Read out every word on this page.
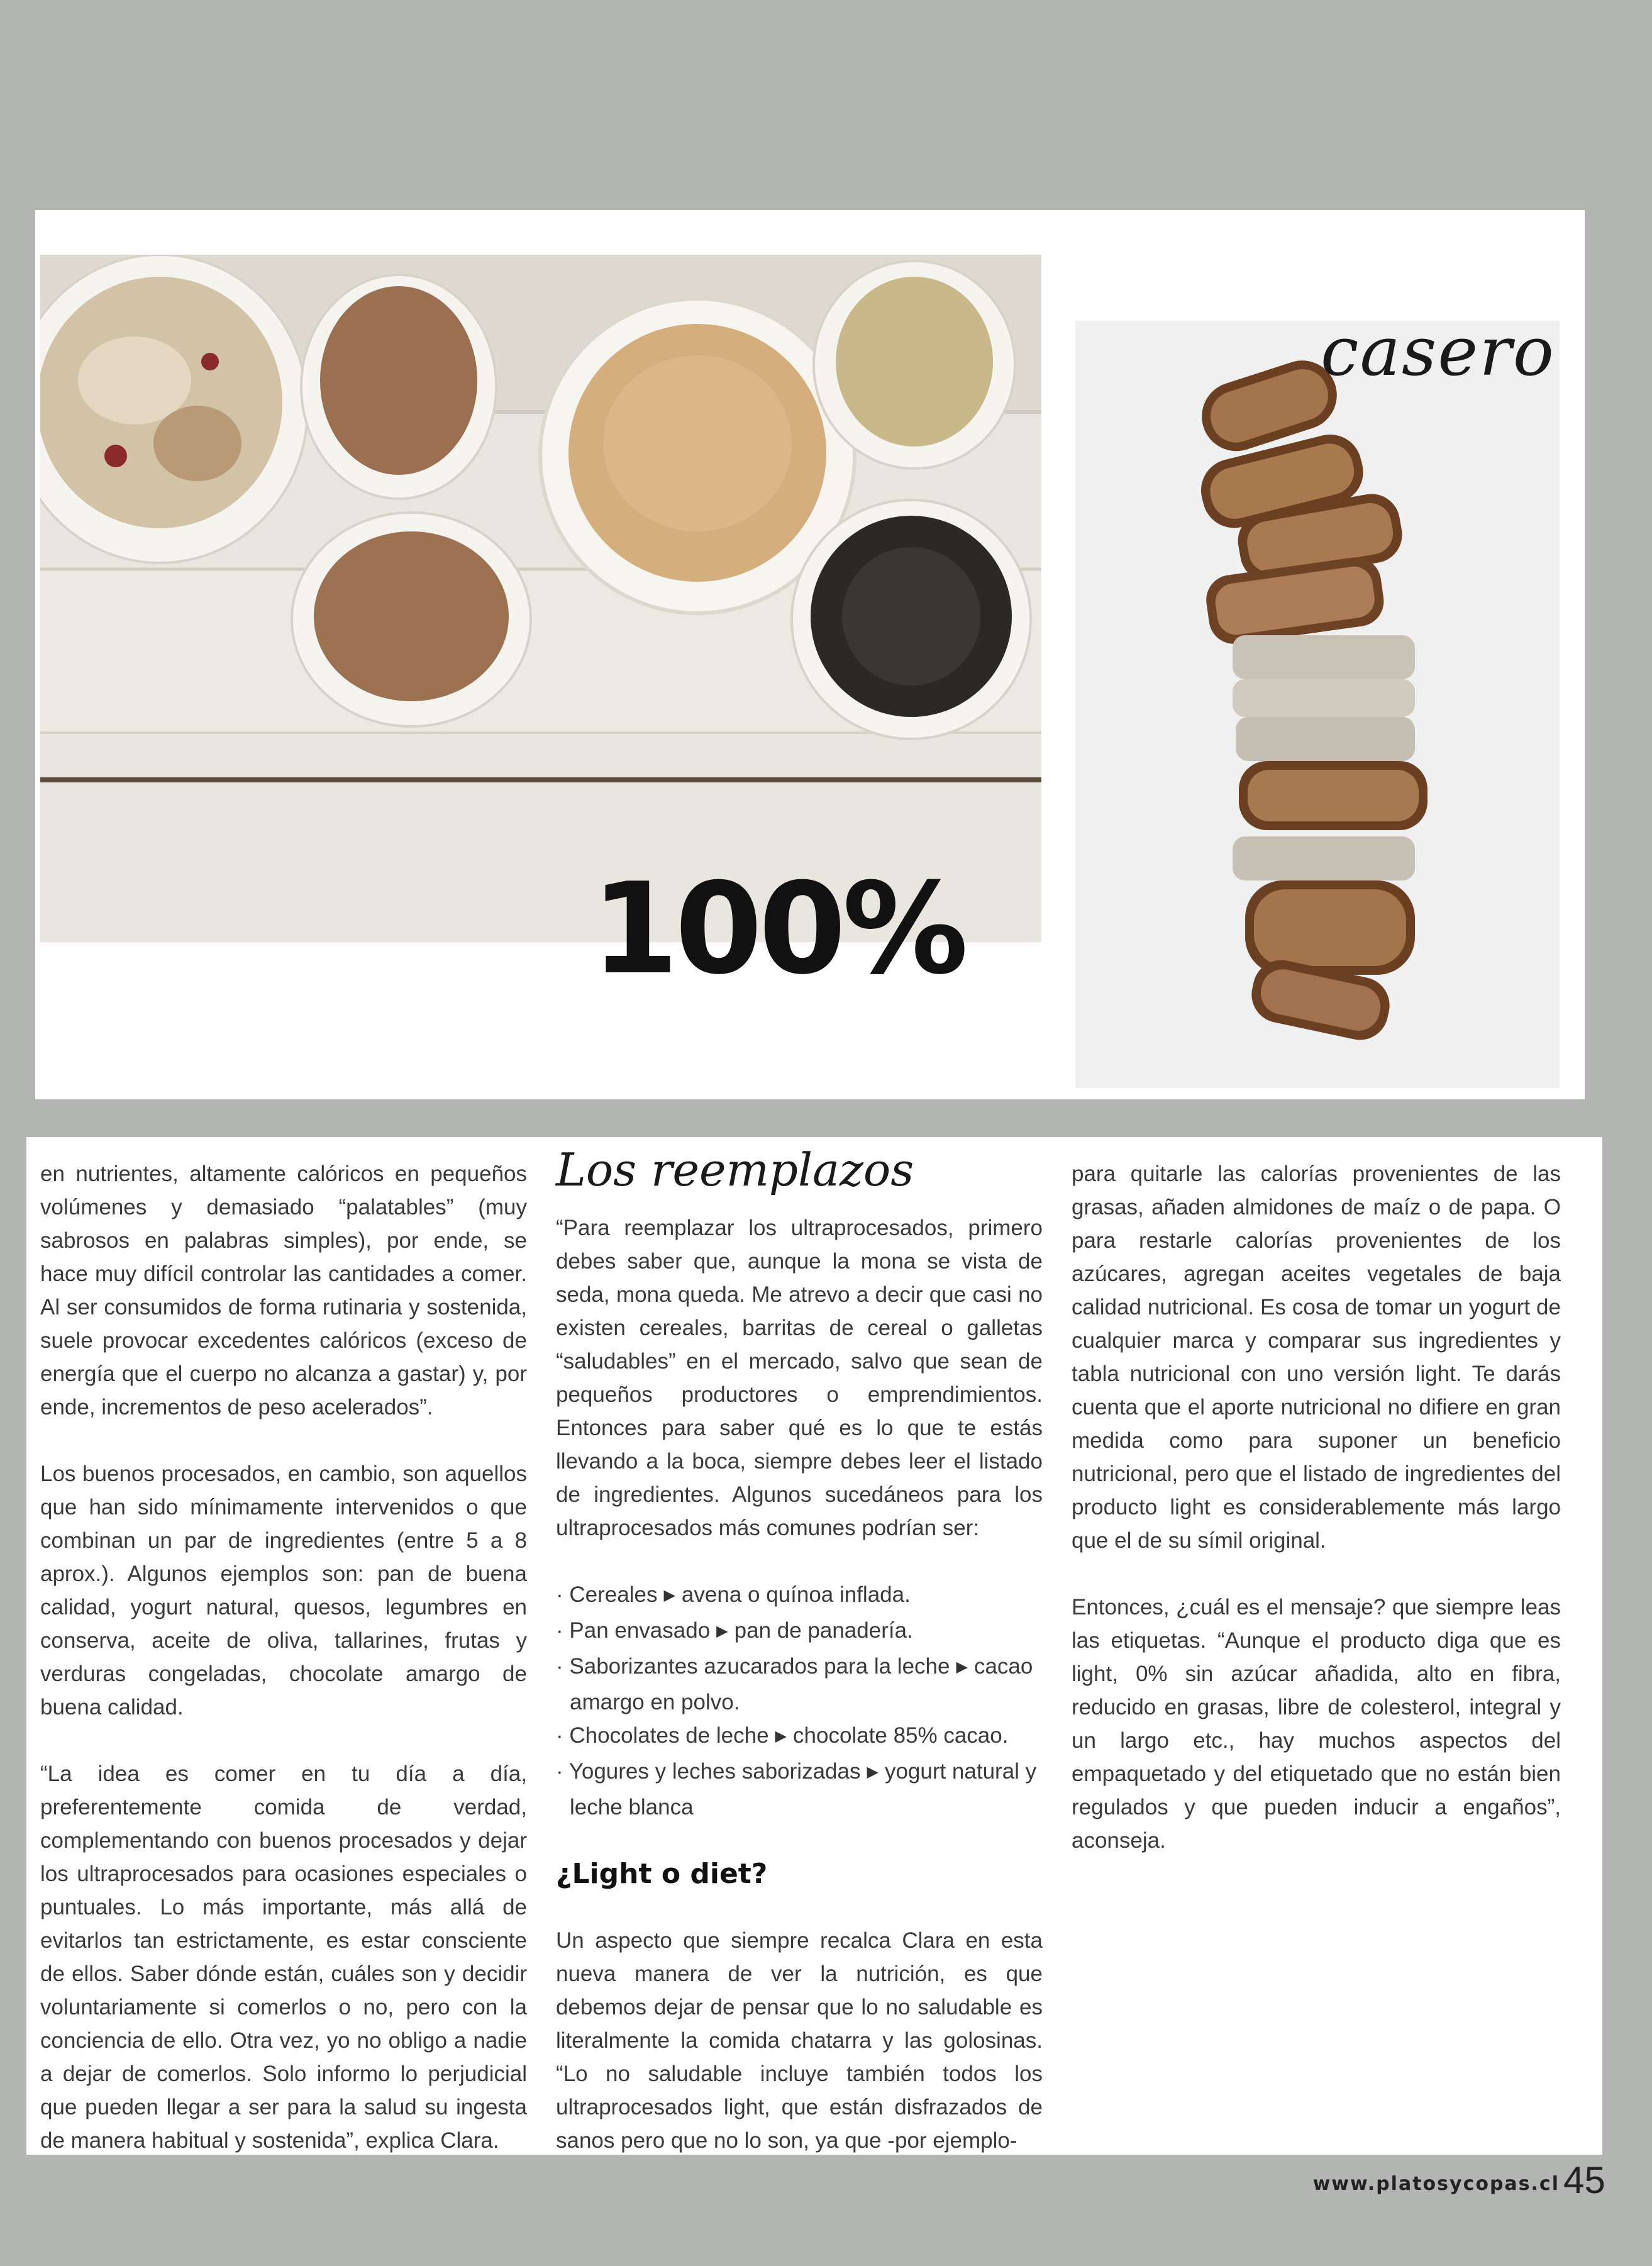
100%
casero

en nutrientes, altamente calóricos en pequeños volúmenes y demasiado “palatables” (muy sabrosos en palabras simples), por ende, se hace muy difícil controlar las cantidades a comer. Al ser consumidos de forma rutinaria y sostenida, suele provocar excedentes calóricos (exceso de energía que el cuerpo no alcanza a gastar) y, por ende, incrementos de peso acelerados”.

Los buenos procesados, en cambio, son aquellos que han sido mínimamente intervenidos o que combinan un par de ingredientes (entre 5 a 8 aprox.). Algunos ejemplos son: pan de buena calidad, yogurt natural, quesos, legumbres en conserva, aceite de oliva, tallarines, frutas y verduras congeladas, chocolate amargo de buena calidad.

“La idea es comer en tu día a día, preferentemente comida de verdad, complementando con buenos procesados y dejar los ultraprocesados para ocasiones especiales o puntuales. Lo más importante, más allá de evitarlos tan estrictamente, es estar consciente de ellos. Saber dónde están, cuáles son y decidir voluntariamente si comerlos o no, pero con la conciencia de ello. Otra vez, yo no obligo a nadie a dejar de comerlos. Solo informo lo perjudicial que pueden llegar a ser para la salud su ingesta de manera habitual y sostenida”, explica Clara.

Los reemplazos

“Para reemplazar los ultraprocesados, primero debes saber que, aunque la mona se vista de seda, mona queda. Me atrevo a decir que casi no existen cereales, barritas de cereal o galletas “saludables” en el mercado, salvo que sean de pequeños productores o emprendimientos. Entonces para saber qué es lo que te estás llevando a la boca, siempre debes leer el listado de ingredientes. Algunos sucedáneos para los ultraprocesados más comunes podrían ser:

· Cereales ▶ avena o quínoa inflada.
· Pan envasado ▶ pan de panadería.
· Saborizantes azucarados para la leche ▶ cacao amargo en polvo.
· Chocolates de leche ▶ chocolate 85% cacao.
· Yogures y leches saborizadas ▶ yogurt natural y leche blanca
¿Light o diet?

Un aspecto que siempre recalca Clara en esta nueva manera de ver la nutrición, es que debemos dejar de pensar que lo no saludable es literalmente la comida chatarra y las golosinas. “Lo no saludable incluye también todos los ultraprocesados light, que están disfrazados de sanos pero que no lo son, ya que -por ejemplo-

para quitarle las calorías provenientes de las grasas, añaden almidones de maíz o de papa. O para restarle calorías provenientes de los azúcares, agregan aceites vegetales de baja calidad nutricional. Es cosa de tomar un yogurt de cualquier marca y comparar sus ingredientes y tabla nutricional con uno versión light. Te darás cuenta que el aporte nutricional no difiere en gran medida como para suponer un beneficio nutricional, pero que el listado de ingredientes del producto light es considerablemente más largo que el de su símil original.

Entonces, ¿cuál es el mensaje? que siempre leas las etiquetas. “Aunque el producto diga que es light, 0% sin azúcar añadida, alto en fibra, reducido en grasas, libre de colesterol, integral y un largo etc., hay muchos aspectos del empaquetado y del etiquetado que no están bien regulados y que pueden inducir a engaños”, aconseja.

www.platosycopas.cl 45
